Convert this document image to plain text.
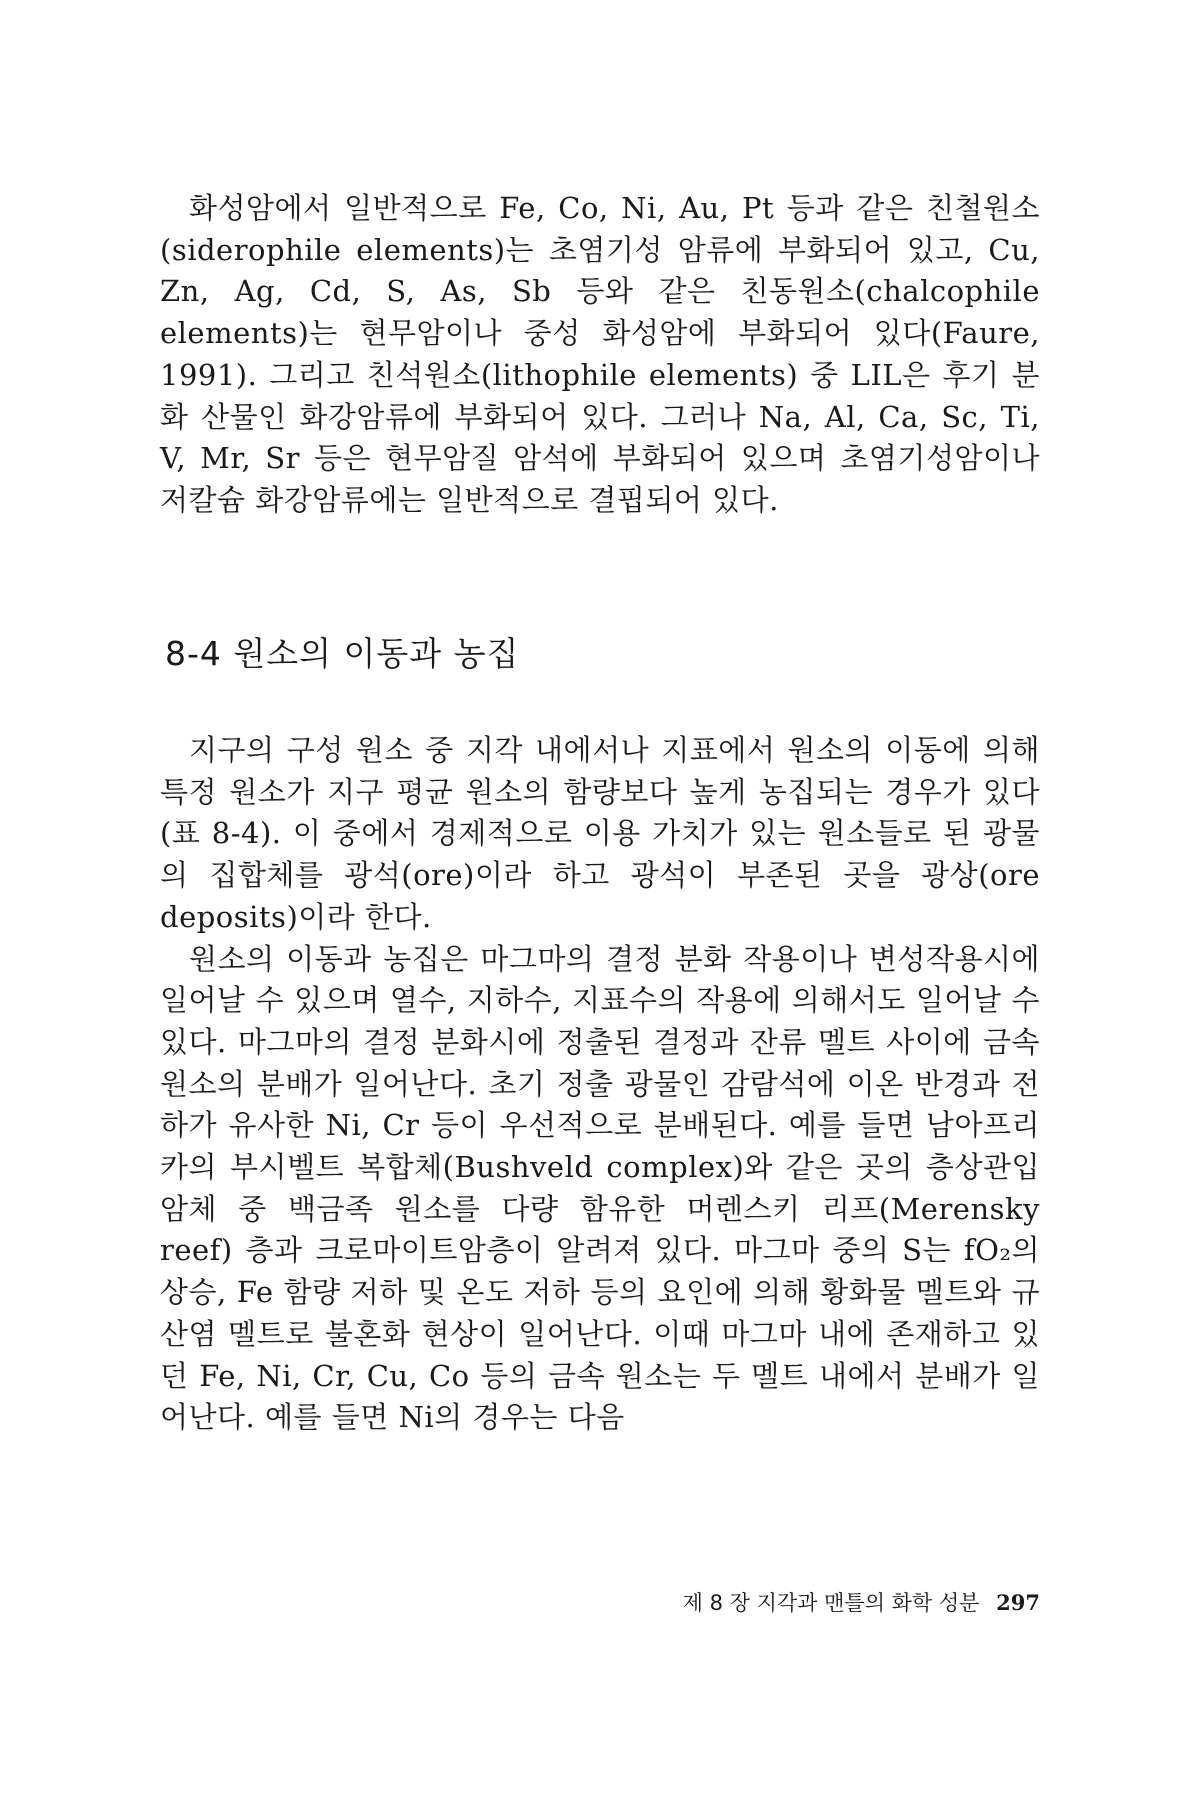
화성암에서 일반적으로 Fe, Co, Ni, Au, Pt 등과 같은 친철원소(siderophile elements)는 초염기성 암류에 부화되어 있고, Cu, Zn, Ag, Cd, S, As, Sb 등와 같은 친동원소(chalcophile elements)는 현무암이나 중성 화성암에 부화되어 있다(Faure, 1991). 그리고 친석원소(lithophile elements) 중 LIL은 후기 분화 산물인 화강암류에 부화되어 있다. 그러나 Na, Al, Ca, Sc, Ti, V, Mr, Sr 등은 현무암질 암석에 부화되어 있으며 초염기성암이나 저칼슘 화강암류에는 일반적으로 결핍되어 있다.

8-4 원소의 이동과 농집

지구의 구성 원소 중 지각 내에서나 지표에서 원소의 이동에 의해 특정 원소가 지구 평균 원소의 함량보다 높게 농집되는 경우가 있다(표 8-4). 이 중에서 경제적으로 이용 가치가 있는 원소들로 된 광물의 집합체를 광석(ore)이라 하고 광석이 부존된 곳을 광상(ore deposits)이라 한다.

원소의 이동과 농집은 마그마의 결정 분화 작용이나 변성작용시에 일어날 수 있으며 열수, 지하수, 지표수의 작용에 의해서도 일어날 수 있다. 마그마의 결정 분화시에 정출된 결정과 잔류 멜트 사이에 금속 원소의 분배가 일어난다. 초기 정출 광물인 감람석에 이온 반경과 전하가 유사한 Ni, Cr 등이 우선적으로 분배된다. 예를 들면 남아프리카의 부시벨트 복합체(Bushveld complex)와 같은 곳의 층상관입암체 중 백금족 원소를 다량 함유한 머렌스키 리프(Merensky reef) 층과 크로마이트암층이 알려져 있다. 마그마 중의 S는 fO₂의 상승, Fe 함량 저하 및 온도 저하 등의 요인에 의해 황화물 멜트와 규산염 멜트로 불혼화 현상이 일어난다. 이때 마그마 내에 존재하고 있던 Fe, Ni, Cr, Cu, Co 등의 금속 원소는 두 멜트 내에서 분배가 일어난다. 예를 들면 Ni의 경우는 다음

제 8 장 지각과 맨틀의 화학 성분 297
